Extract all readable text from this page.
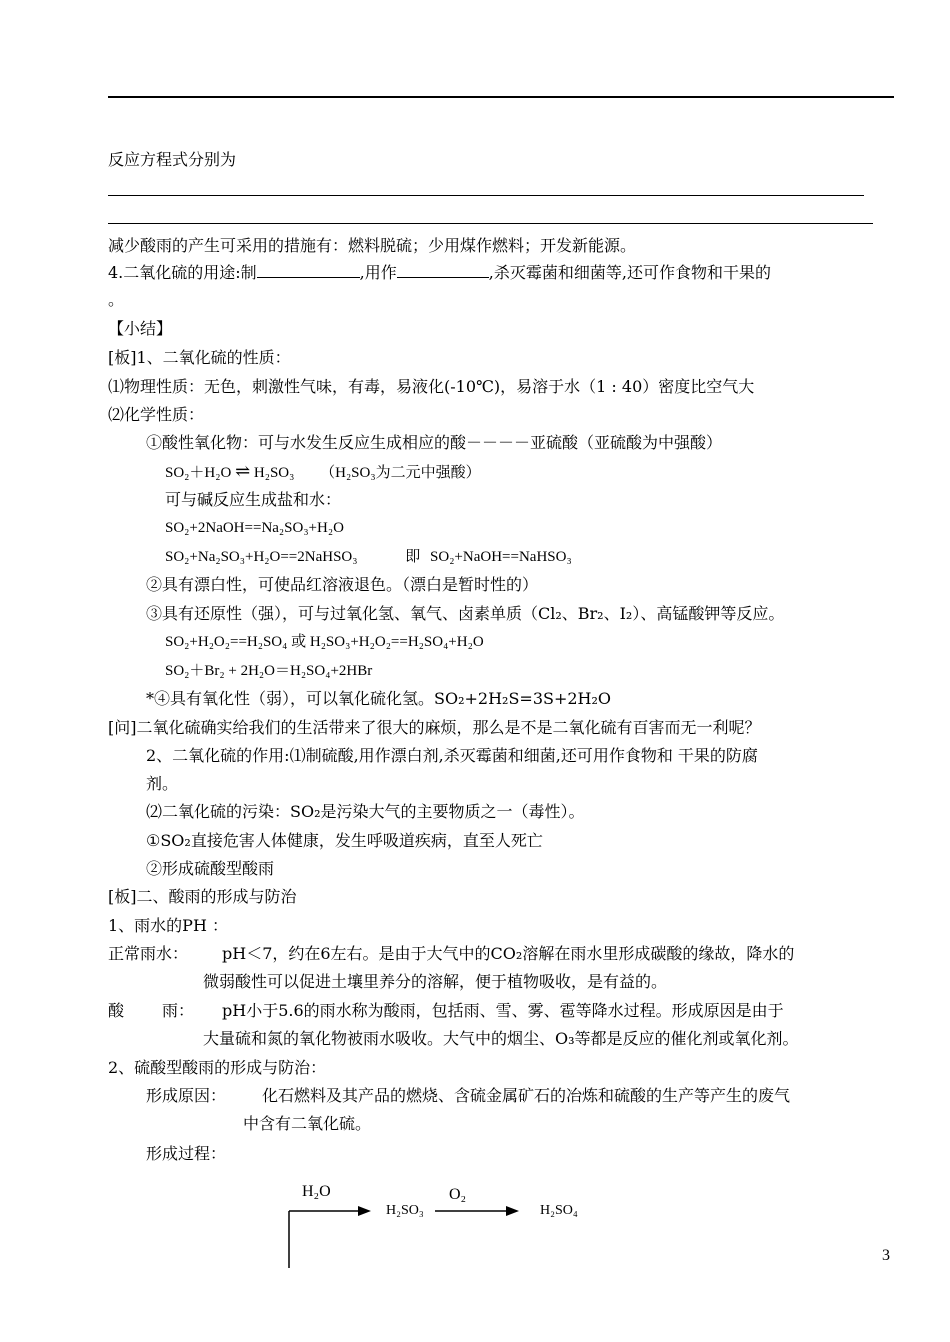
反应方程式分别为
减少酸雨的产生可采用的措施有：燃料脱硫；少用煤作燃料；开发新能源。
4.二氧化硫的用途:制	,用作	,杀灭霉菌和细菌等,还可作食物和干果的
。
【小结】
[板]1、二氧化硫的性质：
⑴物理性质：无色，刺激性气味，有毒，易液化(-10℃)，易溶于水（1 : 40）密度比空气大
⑵化学性质：
①酸性氧化物：可与水发生反应生成相应的酸－－－－亚硫酸（亚硫酸为中强酸）
SO₂＋H₂O ⇌ H₂SO₃ （H₂SO₃为二元中强酸）
可与碱反应生成盐和水：
SO₂+2NaOH==Na₂SO₃+H₂O
SO₂+Na₂SO₃+H₂O==2NaHSO₃	即 SO₂+NaOH==NaHSO₃
②具有漂白性，可使品红溶液退色。（漂白是暂时性的）
③具有还原性（强），可与过氧化氢、氧气、卤素单质（Cl₂、Br₂、I₂）、高锰酸钾等反应。
SO₂+H₂O₂==H₂SO₄ 或 H₂SO₃+H₂O₂==H₂SO₄+H₂O
SO₂＋Br₂ + 2H₂O＝H₂SO₄+2HBr
*④具有氧化性（弱），可以氧化硫化氢。SO₂+2H₂S=3S+2H₂O
[问]二氧化硫确实给我们的生活带来了很大的麻烦，那么是不是二氧化硫有百害而无一利呢？
2、二氧化硫的作用:⑴制硫酸,用作漂白剂,杀灭霉菌和细菌,还可用作食物和 干果的防腐
剂。
⑵二氧化硫的污染：SO₂是污染大气的主要物质之一（毒性）。
①SO₂直接危害人体健康，发生呼吸道疾病，直至人死亡
②形成硫酸型酸雨
[板]二、酸雨的形成与防治
1、雨水的PH ：
正常雨水： pH＜7，约在6左右。是由于大气中的CO₂溶解在雨水里形成碳酸的缘故，降水的
微弱酸性可以促进土壤里养分的溶解，便于植物吸收，是有益的。
酸 雨： pH小于5.6的雨水称为酸雨，包括雨、雪、雾、雹等降水过程。形成原因是由于
大量硫和氮的氧化物被雨水吸收。大气中的烟尘、O₃等都是反应的催化剂或氧化剂。
2、硫酸型酸雨的形成与防治：
形成原因： 化石燃料及其产品的燃烧、含硫金属矿石的冶炼和硫酸的生产等产生的废气
中含有二氧化硫。
形成过程：
H₂O
H₂SO₃
O₂
H₂SO₄
3
